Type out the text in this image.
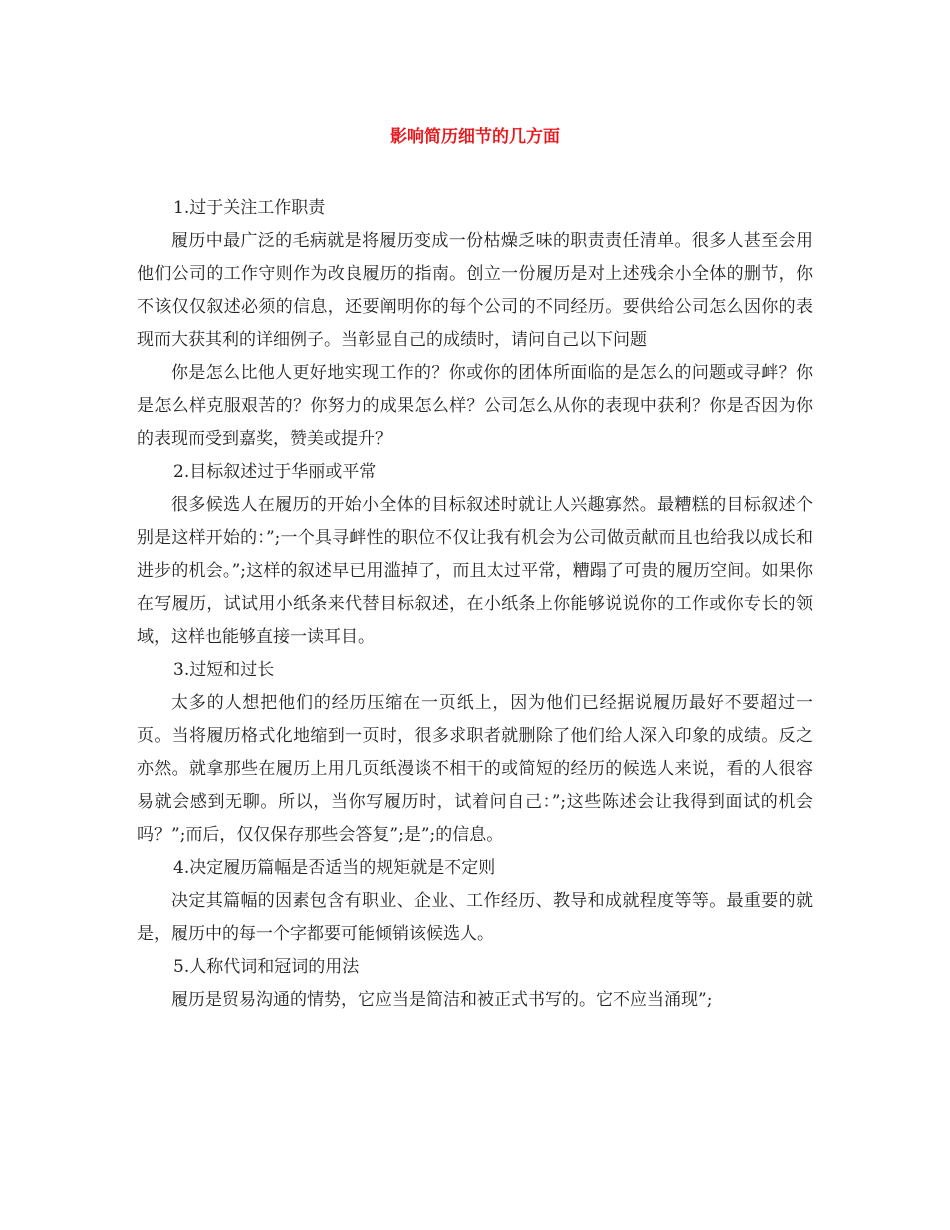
影响简历细节的几方面

1.过于关注工作职责

履历中最广泛的毛病就是将履历变成一份枯燥乏味的职责责任清单。很多人甚至会用他们公司的工作守则作为改良履历的指南。创立一份履历是对上述残余小全体的删节，你不该仅仅叙述必须的信息，还要阐明你的每个公司的不同经历。要供给公司怎么因你的表现而大获其利的详细例子。当彰显自己的成绩时，请问自己以下问题

你是怎么比他人更好地实现工作的？你或你的团体所面临的是怎么的问题或寻衅？你是怎么样克服艰苦的？你努力的成果怎么样？公司怎么从你的表现中获利？你是否因为你的表现而受到嘉奖，赞美或提升？

2.目标叙述过于华丽或平常

很多候选人在履历的开始小全体的目标叙述时就让人兴趣寡然。最糟糕的目标叙述个别是这样开始的：”;一个具寻衅性的职位不仅让我有机会为公司做贡献而且也给我以成长和进步的机会。”;这样的叙述早已用滥掉了，而且太过平常，糟蹋了可贵的履历空间。如果你在写履历，试试用小纸条来代替目标叙述，在小纸条上你能够说说你的工作或你专长的领域，这样也能够直接一读耳目。

3.过短和过长

太多的人想把他们的经历压缩在一页纸上，因为他们已经据说履历最好不要超过一页。当将履历格式化地缩到一页时，很多求职者就删除了他们给人深入印象的成绩。反之亦然。就拿那些在履历上用几页纸漫谈不相干的或简短的经历的候选人来说，看的人很容易就会感到无聊。所以，当你写履历时，试着问自己：”;这些陈述会让我得到面试的机会吗？”;而后，仅仅保存那些会答复”;是”;的信息。

4.决定履历篇幅是否适当的规矩就是不定则

决定其篇幅的因素包含有职业、企业、工作经历、教导和成就程度等等。最重要的就是，履历中的每一个字都要可能倾销该候选人。

5.人称代词和冠词的用法

履历是贸易沟通的情势，它应当是简洁和被正式书写的。它不应当涌现”;
